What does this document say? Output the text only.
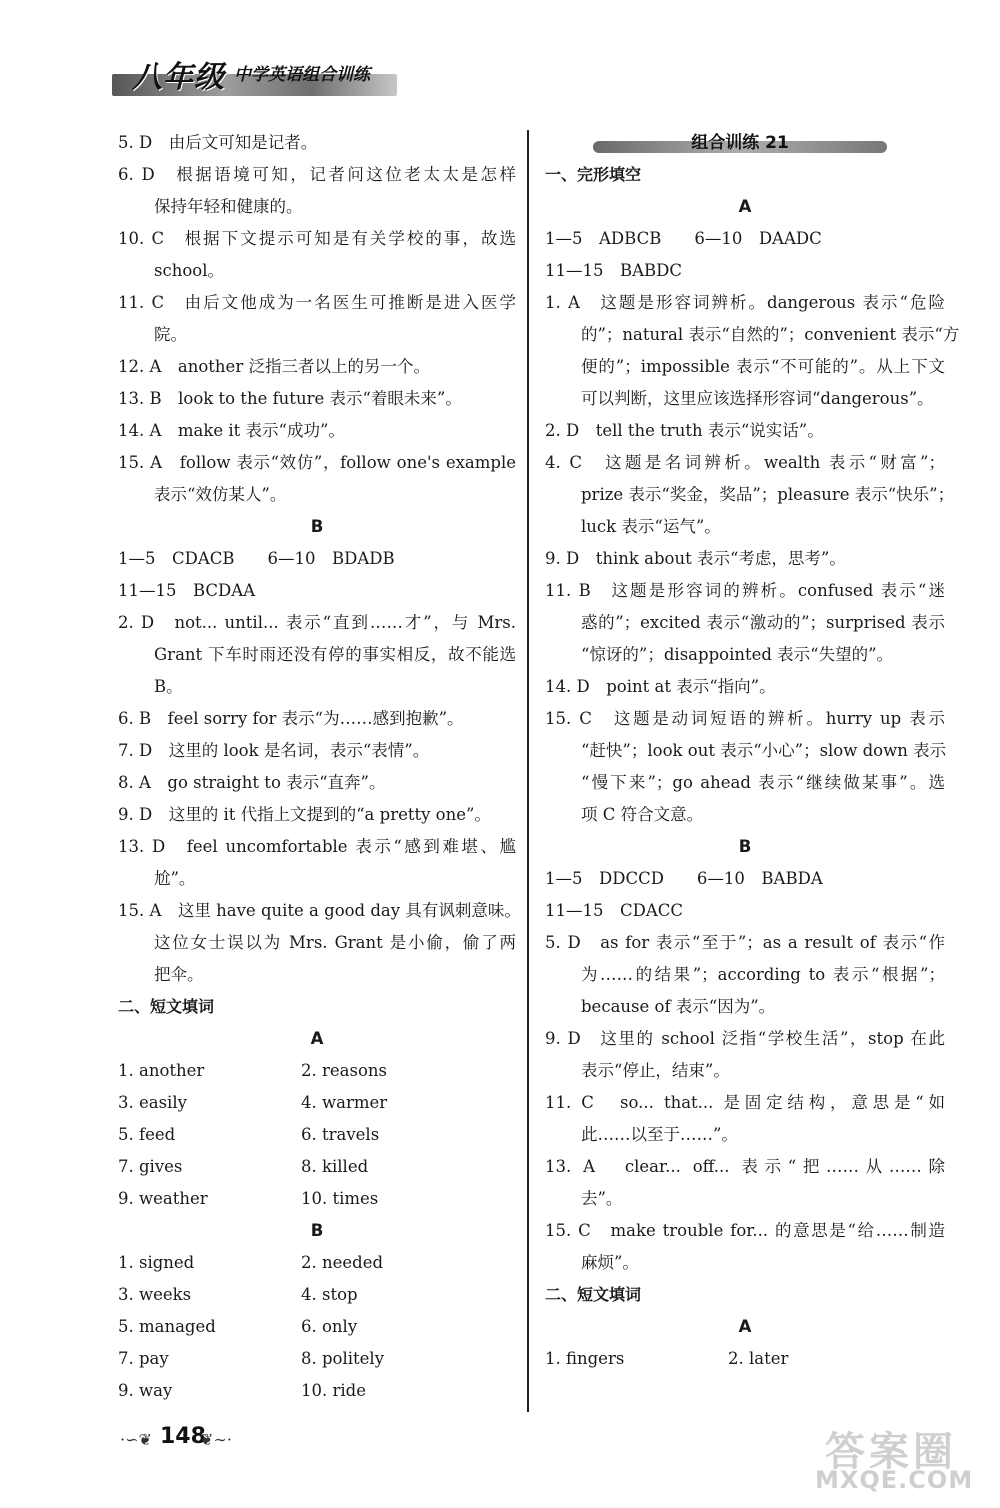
八年级 中学英语组合训练
5. D　由后文可知是记者。
6. D　根据语境可知，记者问这位老太太是怎样
保持年轻和健康的。
10. C　根据下文提示可知是有关学校的事，故选
school。
11. C　由后文他成为一名医生可推断是进入医学
院。
12. A　another 泛指三者以上的另一个。
13. B　look to the future 表示“着眼未来”。
14. A　make it 表示“成功”。
15. A　follow 表示“效仿”，follow one's example
表示“效仿某人”。
B
1—5　CDACB　　6—10　BDADB
11—15　BCDAA
2. D　not... until... 表示“直到……才”，与 Mrs.
Grant 下车时雨还没有停的事实相反，故不能选
B。
6. B　feel sorry for 表示“为……感到抱歉”。
7. D　这里的 look 是名词，表示“表情”。
8. A　go straight to 表示“直奔”。
9. D　这里的 it 代指上文提到的“a pretty one”。
13. D　feel uncomfortable 表示“感到难堪、尴
尬”。
15. A　这里 have quite a good day 具有讽刺意味。
这位女士误以为 Mrs. Grant 是小偷，偷了两
把伞。
二、短文填词
A
1. another	2. reasons
3. easily	4. warmer
5. feed	6. travels
7. gives	8. killed
9. weather	10. times
B
1. signed	2. needed
3. weeks	4. stop
5. managed	6. only
7. pay	8. politely
9. way	10. ride
组合训练 21
一、完形填空
A
1—5　ADBCB　　6—10　DAADC
11—15　BABDC
1. A　这题是形容词辨析。dangerous 表示“危险
的”；natural 表示“自然的”；convenient 表示“方
便的”；impossible 表示“不可能的”。从上下文
可以判断，这里应该选择形容词“dangerous”。
2. D　tell the truth 表示“说实话”。
4. C　这题是名词辨析。wealth 表示“财富”；
prize 表示“奖金，奖品”；pleasure 表示“快乐”；
luck 表示“运气”。
9. D　think about 表示“考虑，思考”。
11. B　这题是形容词的辨析。confused 表示“迷
惑的”；excited 表示“激动的”；surprised 表示
“惊讶的”；disappointed 表示“失望的”。
14. D　point at 表示“指向”。
15. C　这题是动词短语的辨析。hurry up 表示
“赶快”；look out 表示“小心”；slow down 表示
“慢下来”；go ahead 表示“继续做某事”。选
项 C 符合文意。
B
1—5　DDCCD　　6—10　BABDA
11—15　CDACC
5. D　as for 表示“至于”；as a result of 表示“作
为……的结果”；according to 表示“根据”；
because of 表示“因为”。
9. D　这里的 school 泛指“学校生活”，stop 在此
表示“停止，结束”。
11. C　so... that... 是固定结构，意思是“如
此……以至于……”。
13. A　clear... off... 表示“把……从……除
去”。
15. C　make trouble for... 的意思是“给……制造
麻烦”。
二、短文填词
A
1. fingers	2. later
·∽❦ 148
❦∼·	答案圈
MXQE.COM
